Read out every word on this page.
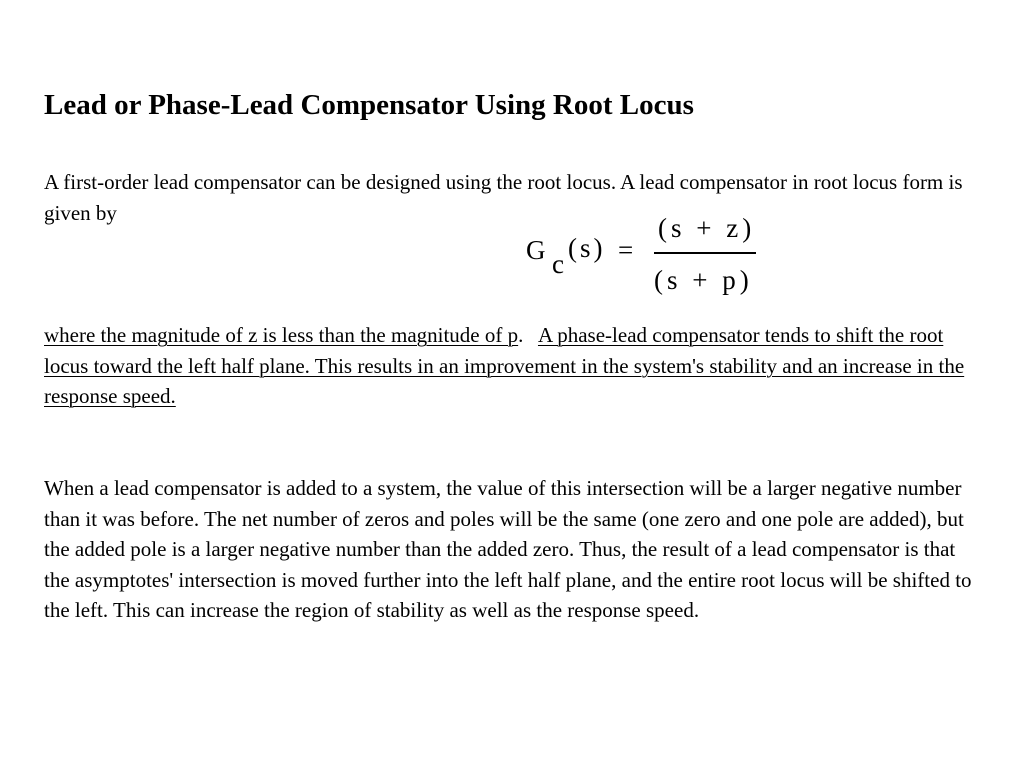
Lead or Phase-Lead Compensator Using Root Locus

A first-order lead compensator can be designed using the root locus. A lead compensator in root locus form is given by

G c
(s) =
(s + z)
(s + p)

where the magnitude of z is less than the magnitude of p.   A phase-lead compensator tends to shift the root locus toward the left half plane. This results in an improvement in the system's stability and an increase in the response speed.

When a lead compensator is added to a system, the value of this intersection will be a larger negative number than it was before. The net number of zeros and poles will be the same (one zero and one pole are added), but the added pole is a larger negative number than the added zero. Thus, the result of a lead compensator is that the asymptotes' intersection is moved further into the left half plane, and the entire root locus will be shifted to the left. This can increase the region of stability as well as the response speed.
